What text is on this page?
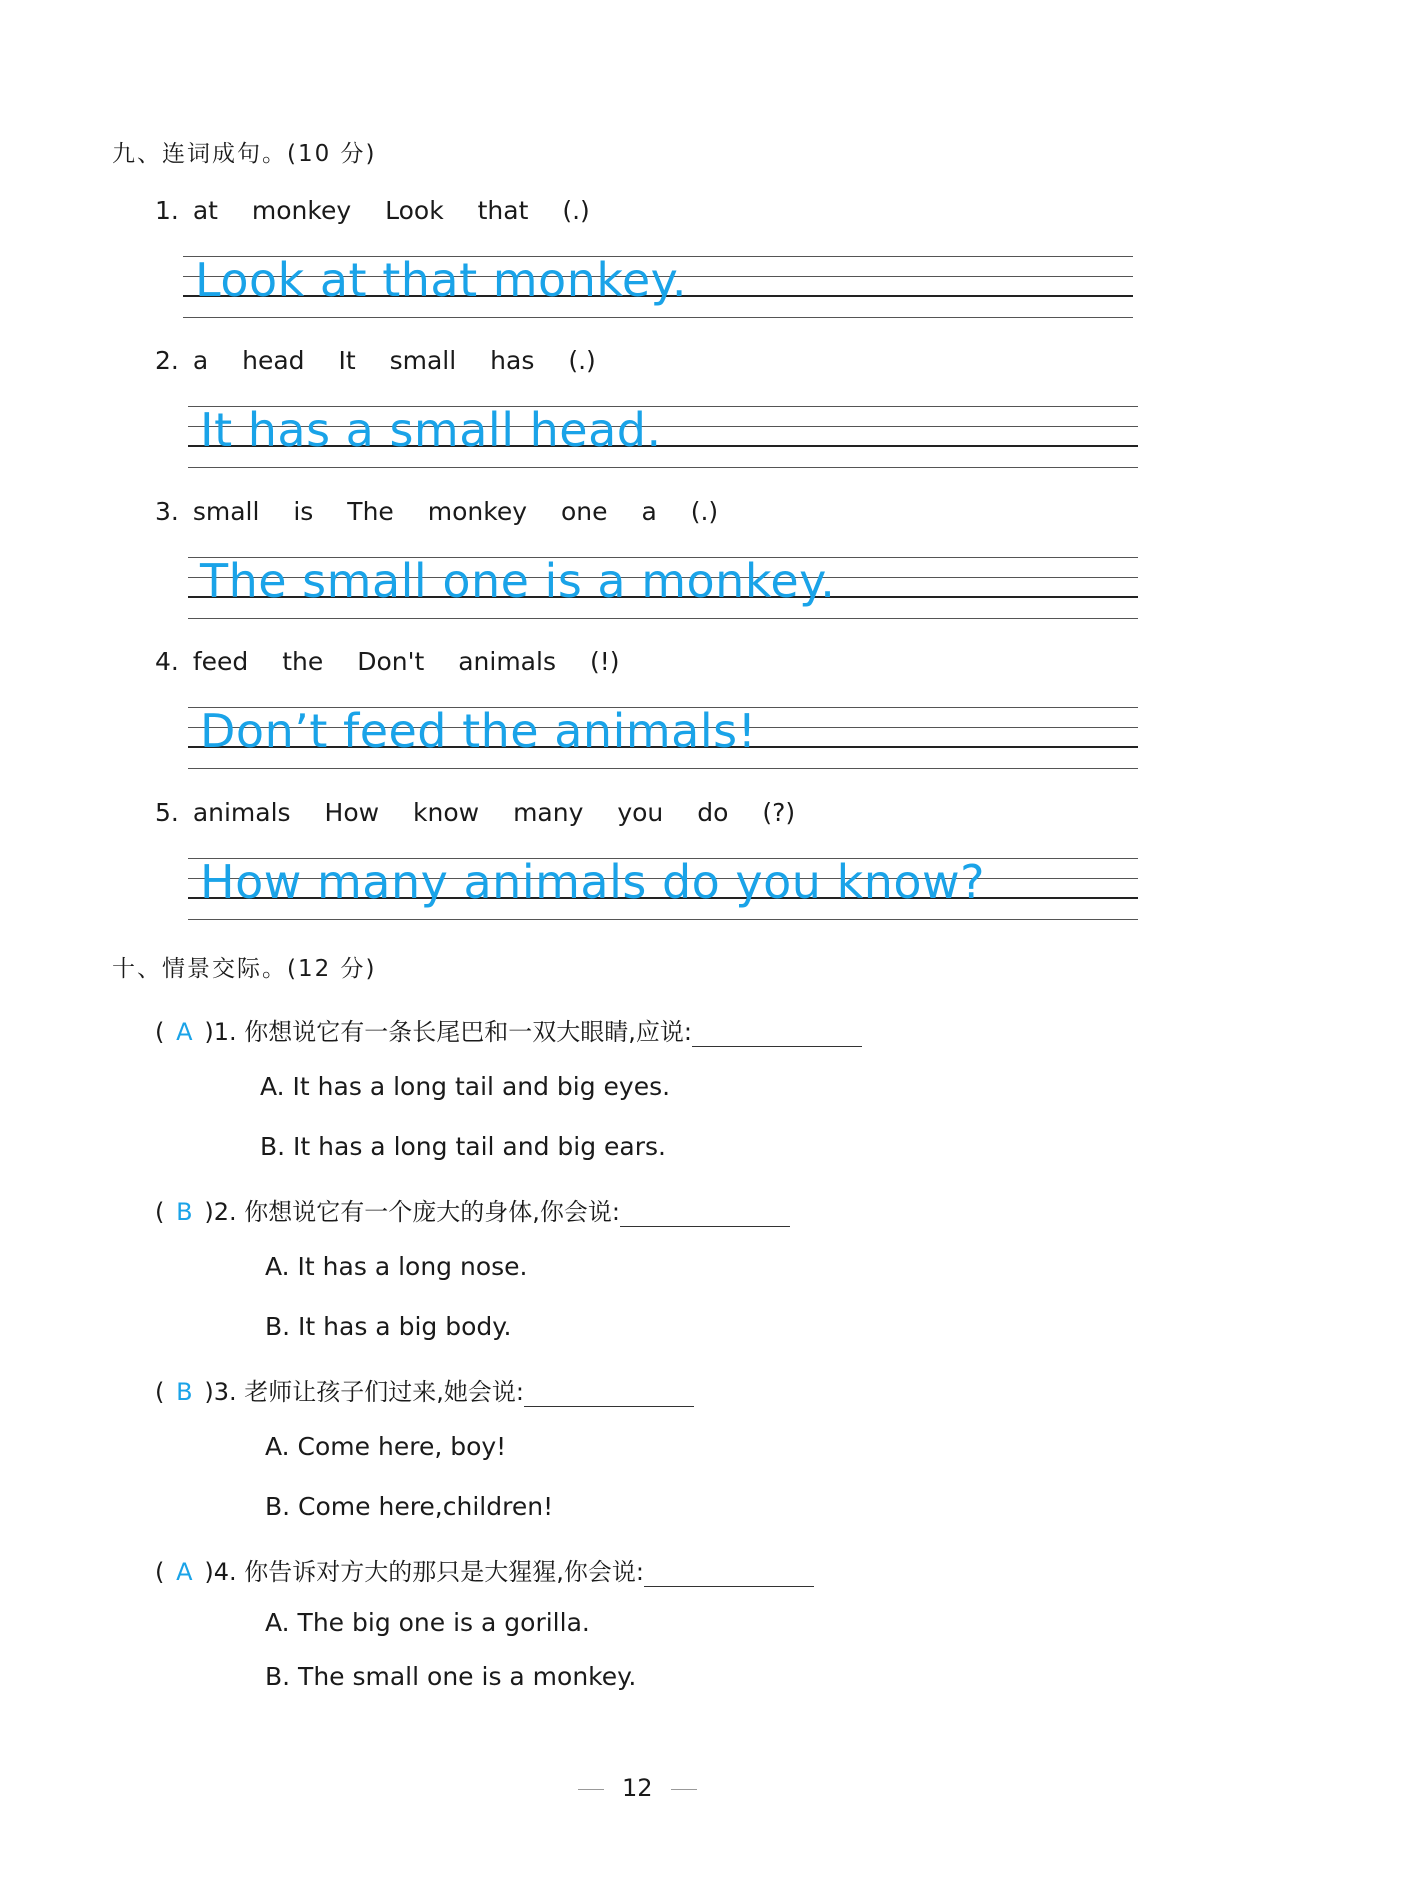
九、连词成句。(10 分)
1. at monkey Look that (.)
Look at that monkey.
2. a head It small has (.)
It has a small head.
3. small is The monkey one a (.)
The small one is a monkey.
4. feed the Don't animals (!)
Don’t feed the animals!
5. animals How know many you do (?)
How many animals do you know?
十、情景交际。(12 分)
( A )1. 你想说它有一条长尾巴和一双大眼睛,应说:
A. It has a long tail and big eyes.
B. It has a long tail and big ears.
( B )2. 你想说它有一个庞大的身体,你会说:
A. It has a long nose.
B. It has a big body.
( B )3. 老师让孩子们过来,她会说:
A. Come here, boy!
B. Come here,children!
( A )4. 你告诉对方大的那只是大猩猩,你会说:
A. The big one is a gorilla.
B. The small one is a monkey.
12
